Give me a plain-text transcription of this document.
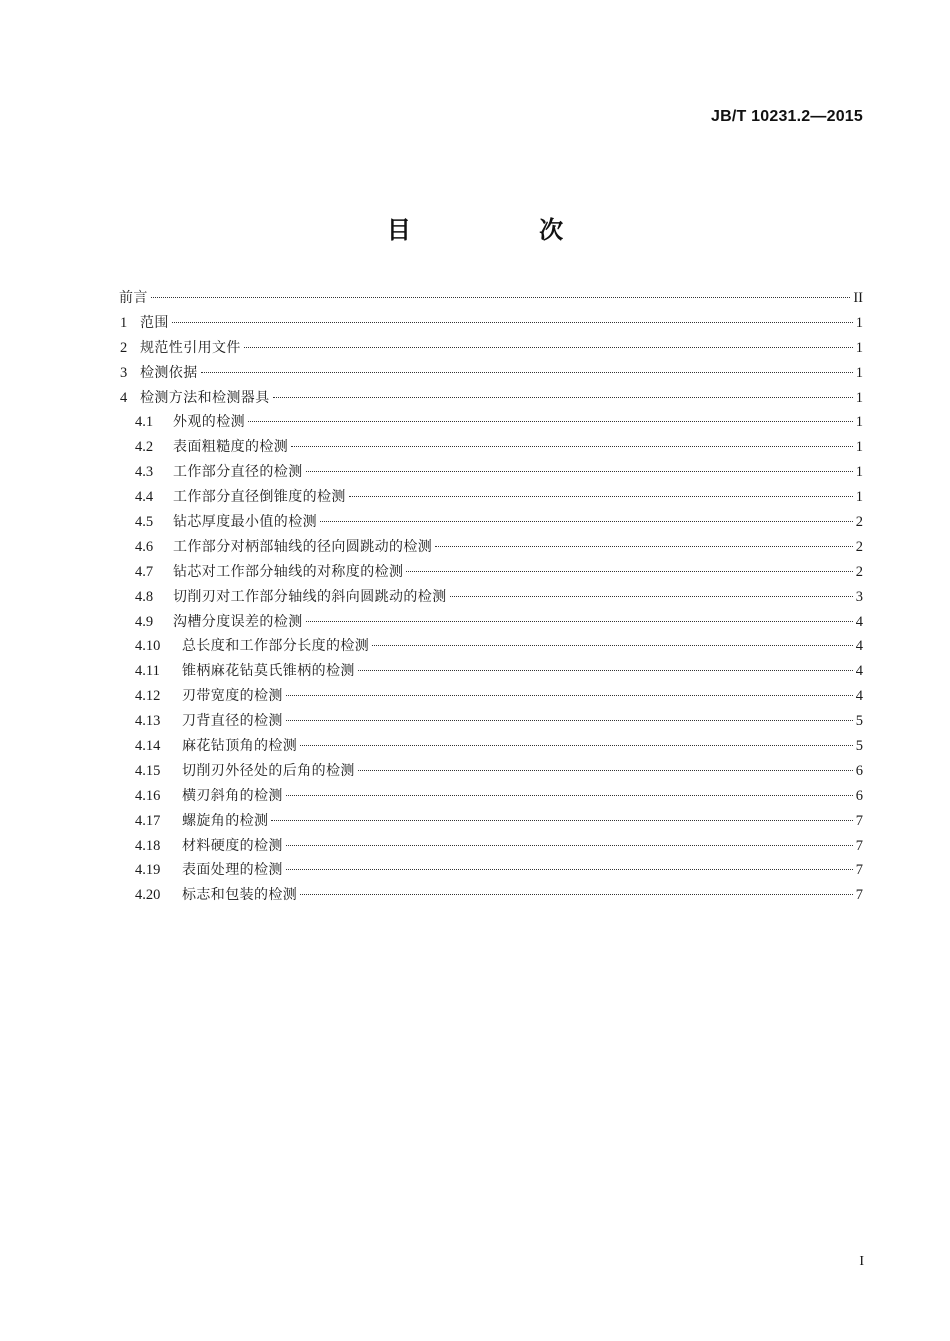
JB/T 10231.2—2015
目 次
前言	II
1 范围	1
2 规范性引用文件	1
3 检测依据	1
4 检测方法和检测器具	1
4.1	外观的检测	1
4.2	表面粗糙度的检测	1
4.3	工作部分直径的检测	1
4.4	工作部分直径倒锥度的检测	1
4.5	钻芯厚度最小值的检测	2
4.6	工作部分对柄部轴线的径向圆跳动的检测	2
4.7	钻芯对工作部分轴线的对称度的检测	2
4.8	切削刃对工作部分轴线的斜向圆跳动的检测	3
4.9	沟槽分度误差的检测	4
4.10	总长度和工作部分长度的检测	4
4.11	锥柄麻花钻莫氏锥柄的检测	4
4.12	刃带宽度的检测	4
4.13	刀背直径的检测	5
4.14	麻花钻顶角的检测	5
4.15	切削刃外径处的后角的检测	6
4.16	横刃斜角的检测	6
4.17	螺旋角的检测	7
4.18	材料硬度的检测	7
4.19	表面处理的检测	7
4.20	标志和包装的检测	7
I
